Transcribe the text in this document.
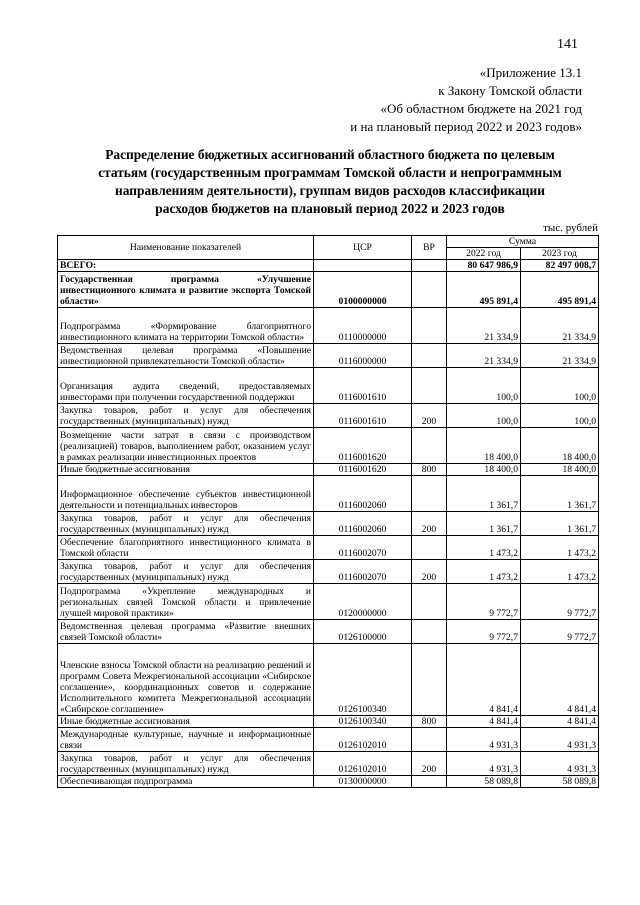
141
«Приложение 13.1
к Закону Томской области
«Об областном бюджете на 2021 год
и на плановый период 2022 и 2023 годов»
Распределение бюджетных ассигнований областного бюджета по целевым
статьям (государственным программам Томской области и непрограммным
направлениям деятельности), группам видов расходов классификации
расходов бюджетов на плановый период 2022 и 2023 годов
тыс. рублей
Наименование показателей	ЦСР	ВР	Сумма	
			2022 год	2023 год
ВСЕГО:			80 647 986,9	82 497 008,7
Государственная программа «Улучшение инвестиционного климата и развитие экспорта Томской области»	0100000000		495 891,4	495 891,4
Подпрограмма «Формирование благоприятного инвестиционного климата на территории Томской области»	0110000000		21 334,9	21 334,9
Ведомственная целевая программа «Повышение инвестиционной привлекательности Томской области»	0116000000		21 334,9	21 334,9
Организация аудита сведений, предоставляемых инвесторами при получении государственной поддержки	0116001610		100,0	100,0
Закупка товаров, работ и услуг для обеспечения государственных (муниципальных) нужд	0116001610	200	100,0	100,0
Возмещение части затрат в связи с производством (реализацией) товаров, выполнением работ, оказанием услуг в рамках реализации инвестиционных проектов	0116001620		18 400,0	18 400,0
Иные бюджетные ассигнования	0116001620	800	18 400,0	18 400,0
Информационное обеспечение субъектов инвестиционной деятельности и потенциальных инвесторов	0116002060		1 361,7	1 361,7
Закупка товаров, работ и услуг для обеспечения государственных (муниципальных) нужд	0116002060	200	1 361,7	1 361,7
Обеспечение благоприятного инвестиционного климата в Томской области	0116002070		1 473,2	1 473,2
Закупка товаров, работ и услуг для обеспечения государственных (муниципальных) нужд	0116002070	200	1 473,2	1 473,2
Подпрограмма «Укрепление международных и региональных связей Томской области и привлечение лучшей мировой практики»	0120000000		9 772,7	9 772,7
Ведомственная целевая программа «Развитие внешних связей Томской области»	0126100000		9 772,7	9 772,7
Членские взносы Томской области на реализацию решений и программ Совета Межрегиональной ассоциации «Сибирское соглашение», координационных советов и содержание Исполнительного комитета Межрегиональной ассоциации «Сибирское соглашение»	0126100340		4 841,4	4 841,4
Иные бюджетные ассигнования	0126100340	800	4 841,4	4 841,4
Международные культурные, научные и информационные связи	0126102010		4 931,3	4 931,3
Закупка товаров, работ и услуг для обеспечения государственных (муниципальных) нужд	0126102010	200	4 931,3	4 931,3
Обеспечивающая подпрограмма	0130000000		58 089,8	58 089,8
